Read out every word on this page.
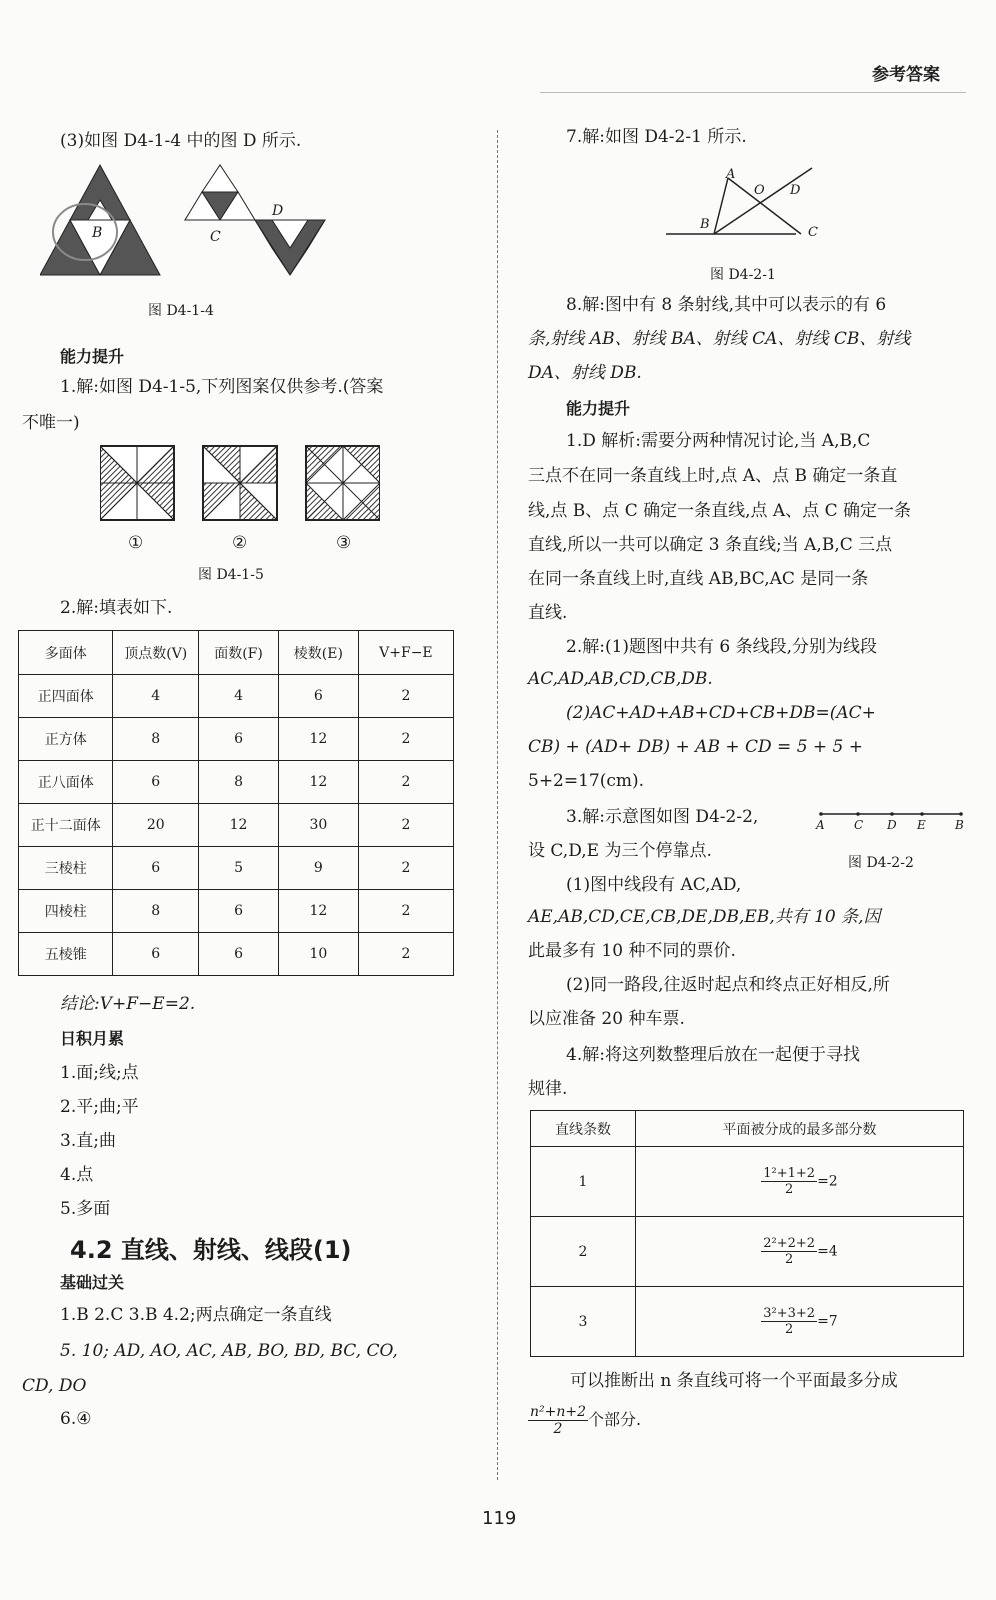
参考答案
(3)如图 D4-1-4 中的图 D 所示.
B	C
D
图 D4-1-4
能力提升
1.解:如图 D4-1-5,下列图案仅供参考.(答案
不唯一)
①	②	③
图 D4-1-5
2.解:填表如下.
多面体	顶点数(V)	面数(F)	棱数(E)	V+F−E
正四面体	4	4	6	2
正方体	8	6	12	2
正八面体	6	8	12	2
正十二面体	20	12	30	2
三棱柱	6	5	9	2
四棱柱	8	6	12	2
五棱锥	6	6	10	2
结论:V+F−E=2.
日积月累
1.面;线;点
2.平;曲;平
3.直;曲
4.点
5.多面
4.2 直线、射线、线段(1)
基础过关
1.B 2.C 3.B 4.2;两点确定一条直线
5. 10; AD, AO, AC, AB, BO, BD, BC, CO,
CD, DO
6.④
7.解:如图 D4-2-1 所示.
A
O D
B
C
图 D4-2-1
8.解:图中有 8 条射线,其中可以表示的有 6
条,射线 AB、射线 BA、射线 CA、射线 CB、射线
DA、射线 DB.
能力提升
1.D 解析:需要分两种情况讨论,当 A,B,C
三点不在同一条直线上时,点 A、点 B 确定一条直
线,点 B、点 C 确定一条直线,点 A、点 C 确定一条
直线,所以一共可以确定 3 条直线;当 A,B,C 三点
在同一条直线上时,直线 AB,BC,AC 是同一条
直线.
2.解:(1)题图中共有 6 条线段,分别为线段
AC,AD,AB,CD,CB,DB.
(2)AC+AD+AB+CD+CB+DB=(AC+
CB) + (AD+ DB) + AB + CD = 5 + 5 +
5+2=17(cm).
3.解:示意图如图 D4-2-2,	A C D E B
设 C,D,E 为三个停靠点.
图 D4-2-2
(1)图中线段有 AC,AD,
AE,AB,CD,CE,CB,DE,DB,EB,共有 10 条,因
此最多有 10 种不同的票价.
(2)同一路段,往返时起点和终点正好相反,所
以应准备 20 种车票.
4.解:将这列数整理后放在一起便于寻找
规律.
直线条数	平面被分成的最多部分数
1	$\frac{\text{1²+1+2}}{2} =2$
2	$\frac{\text{2²+2+2}}{2} =4$
3	$\frac{\text{3²+3+2}}{2} =7$
可以推断出 n 条直线可将一个平面最多分成
$\frac{\text{n²+n+2}}{2}$ 个部分.
119
